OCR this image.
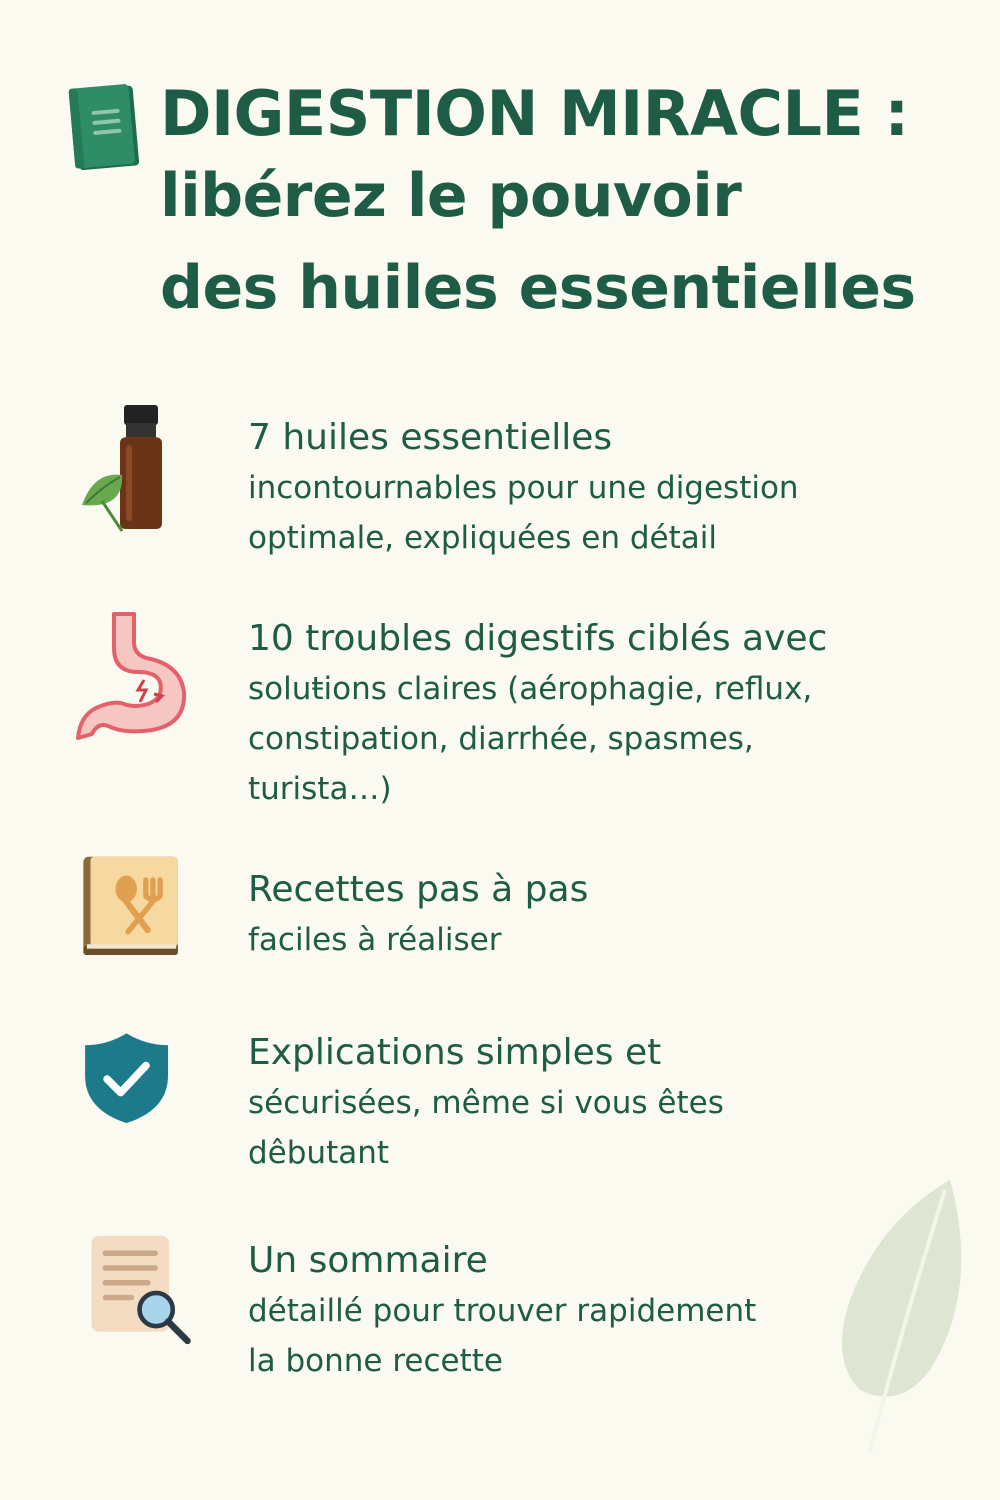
DIGESTION MIRACLE :
libérez le pouvoir
des huiles essentielles
7 huiles essentielles
incontournables pour une digestion
optimale, expliquées en détail
10 troubles digestifs ciblés avec
soluŧions claires (aérophagie, reflux,
constipation, diarrhée, spasmes,
turista…)
Recettes pas à pas
faciles à réaliser
Explications simples et
sécurisées, même si vous êtes
dêbutant
Un sommaire
détaillé pour trouver rapidement
la bonne recette
